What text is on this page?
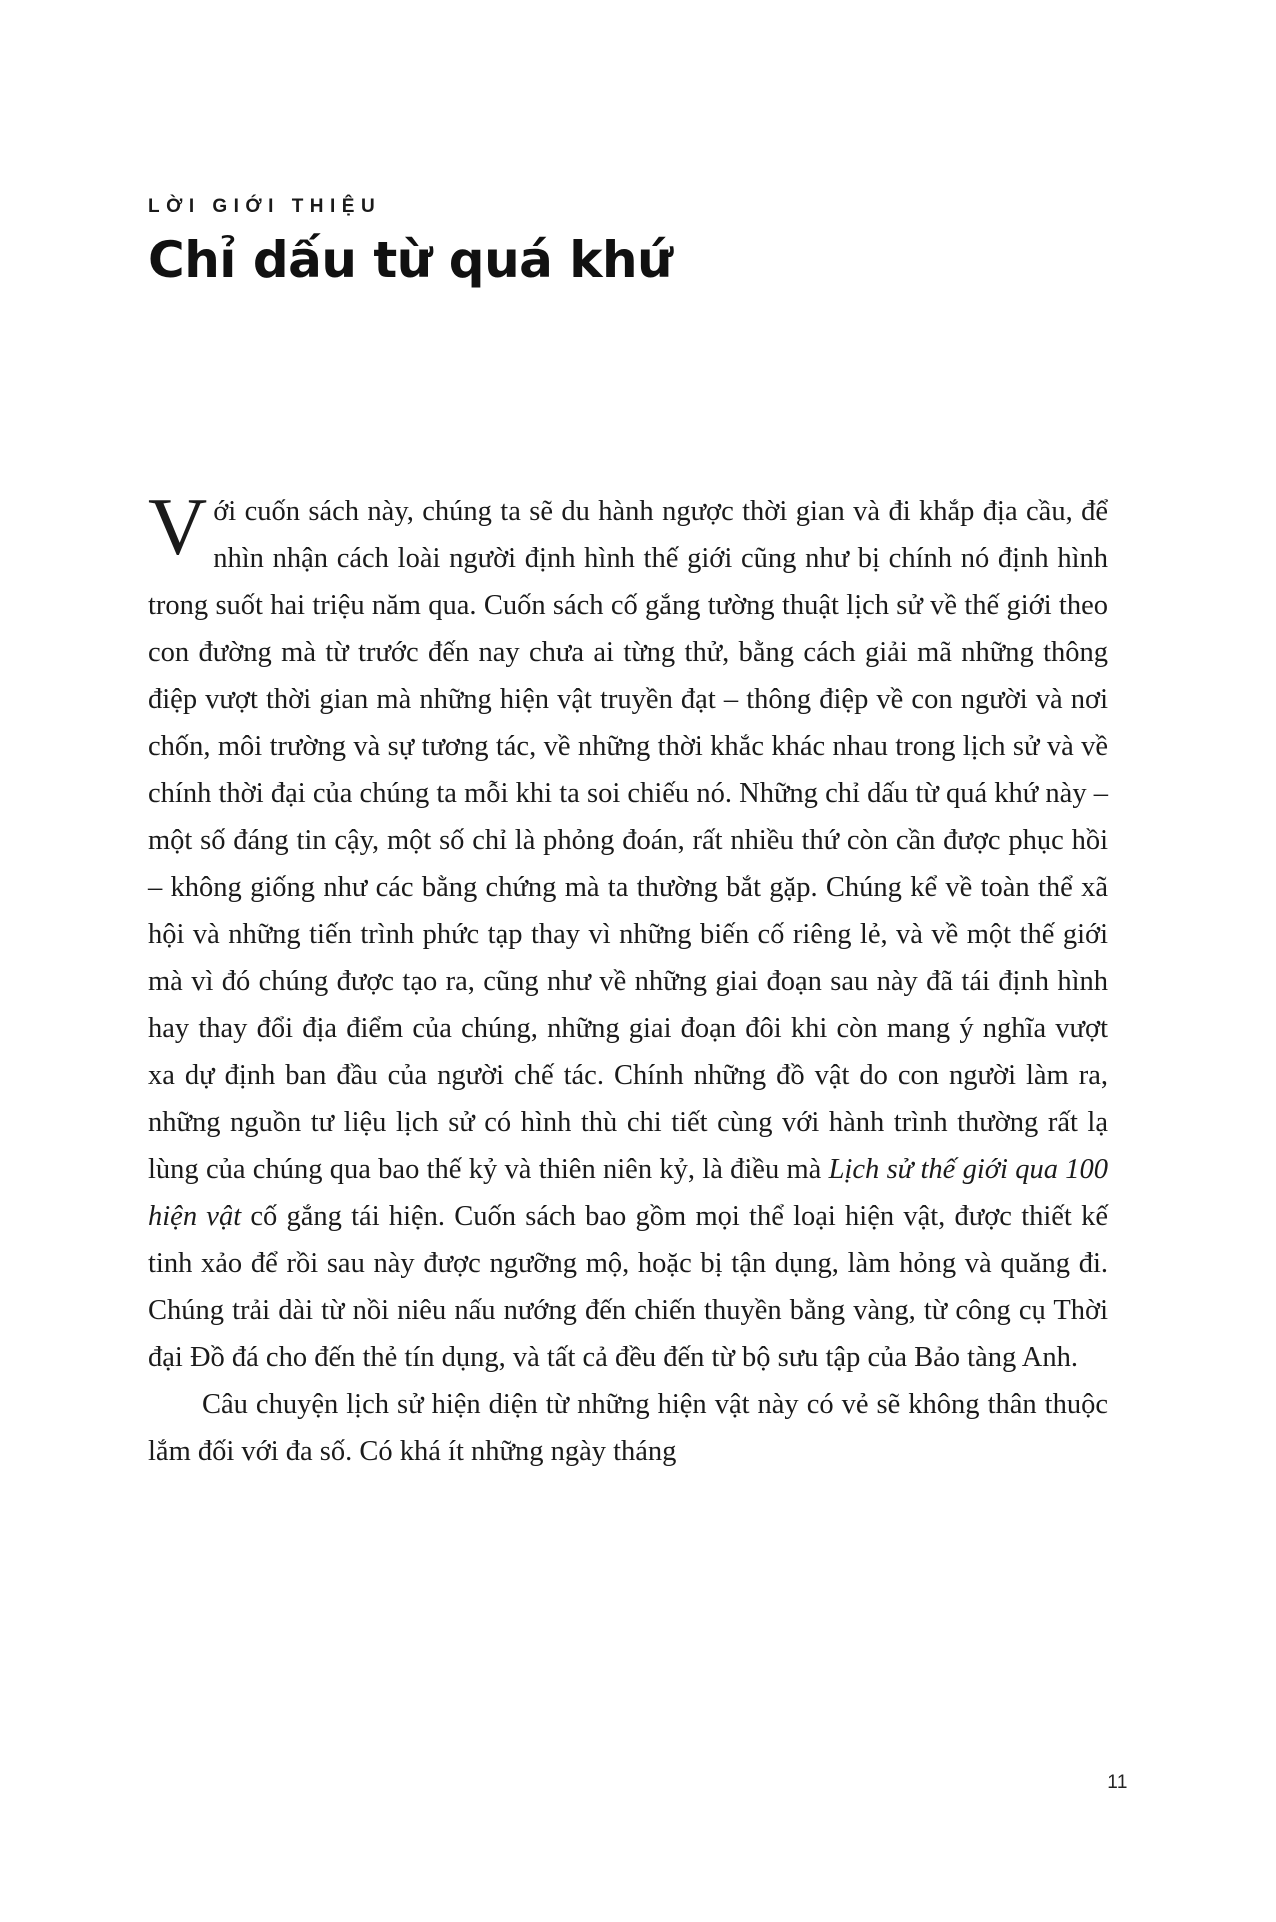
LỜI GIỚI THIỆU
Chỉ dấu từ quá khứ

Với cuốn sách này, chúng ta sẽ du hành ngược thời gian và đi khắp địa cầu, để nhìn nhận cách loài người định hình thế giới cũng như bị chính nó định hình trong suốt hai triệu năm qua. Cuốn sách cố gắng tường thuật lịch sử về thế giới theo con đường mà từ trước đến nay chưa ai từng thử, bằng cách giải mã những thông điệp vượt thời gian mà những hiện vật truyền đạt – thông điệp về con người và nơi chốn, môi trường và sự tương tác, về những thời khắc khác nhau trong lịch sử và về chính thời đại của chúng ta mỗi khi ta soi chiếu nó. Những chỉ dấu từ quá khứ này – một số đáng tin cậy, một số chỉ là phỏng đoán, rất nhiều thứ còn cần được phục hồi – không giống như các bằng chứng mà ta thường bắt gặp. Chúng kể về toàn thể xã hội và những tiến trình phức tạp thay vì những biến cố riêng lẻ, và về một thế giới mà vì đó chúng được tạo ra, cũng như về những giai đoạn sau này đã tái định hình hay thay đổi địa điểm của chúng, những giai đoạn đôi khi còn mang ý nghĩa vượt xa dự định ban đầu của người chế tác. Chính những đồ vật do con người làm ra, những nguồn tư liệu lịch sử có hình thù chi tiết cùng với hành trình thường rất lạ lùng của chúng qua bao thế kỷ và thiên niên kỷ, là điều mà Lịch sử thế giới qua 100 hiện vật cố gắng tái hiện. Cuốn sách bao gồm mọi thể loại hiện vật, được thiết kế tinh xảo để rồi sau này được ngưỡng mộ, hoặc bị tận dụng, làm hỏng và quăng đi. Chúng trải dài từ nồi niêu nấu nướng đến chiến thuyền bằng vàng, từ công cụ Thời đại Đồ đá cho đến thẻ tín dụng, và tất cả đều đến từ bộ sưu tập của Bảo tàng Anh.

Câu chuyện lịch sử hiện diện từ những hiện vật này có vẻ sẽ không thân thuộc lắm đối với đa số. Có khá ít những ngày tháng

11
